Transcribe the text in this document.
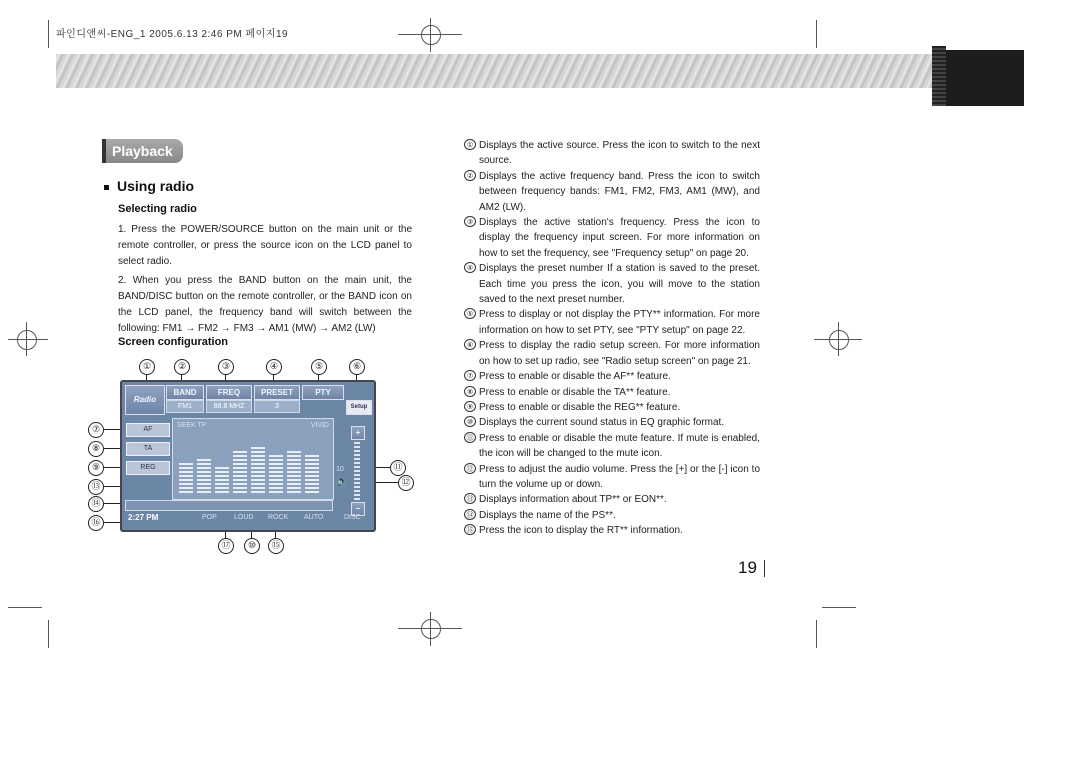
파인디앤씨-ENG_1 2005.6.13 2:46 PM 페이지19
Playback
Using radio
Selecting radio
1. Press the POWER/SOURCE button on the main unit or the remote controller, or press the source icon on the LCD panel to select radio.
2. When you press the BAND button on the main unit, the BAND/DISC button on the remote controller, or the BAND icon on the LCD panel, the frequency band will switch between the following: FM1 → FM2 → FM3 → AM1 (MW) → AM2 (LW)
Screen configuration
①	②	③	④	⑤	⑥
⑦
⑧
⑨
⑬
⑭
⑯
⑪
⑫
⑰	⑩	⑮
Radio
BAND	FREQ	PRESET	PTY
FM1	88.8 MHZ	3	Setup
AF
TA
REG
SEEK TP	VIVID
10
🔈
+
−
2:27 PM	POP LOUD ROCK AUTO	DISC
① Displays the active source. Press the icon to switch to the next source.
② Displays the active frequency band. Press the icon to switch between frequency bands: FM1, FM2, FM3, AM1 (MW), and AM2 (LW).
③ Displays the active station's frequency. Press the icon to display the frequency input screen. For more information on how to set the frequency, see "Frequency setup" on page 20.
④ Displays the preset number If a station is saved to the preset. Each time you press the icon, you will move to the station saved to the next preset number.
⑤ Press to display or not display the PTY** information. For more information on how to set PTY, see "PTY setup" on page 22.
⑥ Press to display the radio setup screen. For more information on how to set up radio, see "Radio setup screen" on page 21.
⑦ Press to enable or disable the AF** feature.
⑧ Press to enable or disable the TA** feature.
⑨ Press to enable or disable the REG** feature.
⑩ Displays the current sound status in EQ graphic format.
⑪ Press to enable or disable the mute feature. If mute is enabled, the icon will be changed to the mute icon.
⑫ Press to adjust the audio volume. Press the [+] or the [-] icon to turn the volume up or down.
⑬ Displays information about TP** or EON**.
⑭ Displays the name of the PS**.
⑮ Press the icon to display the RT** information.
19
